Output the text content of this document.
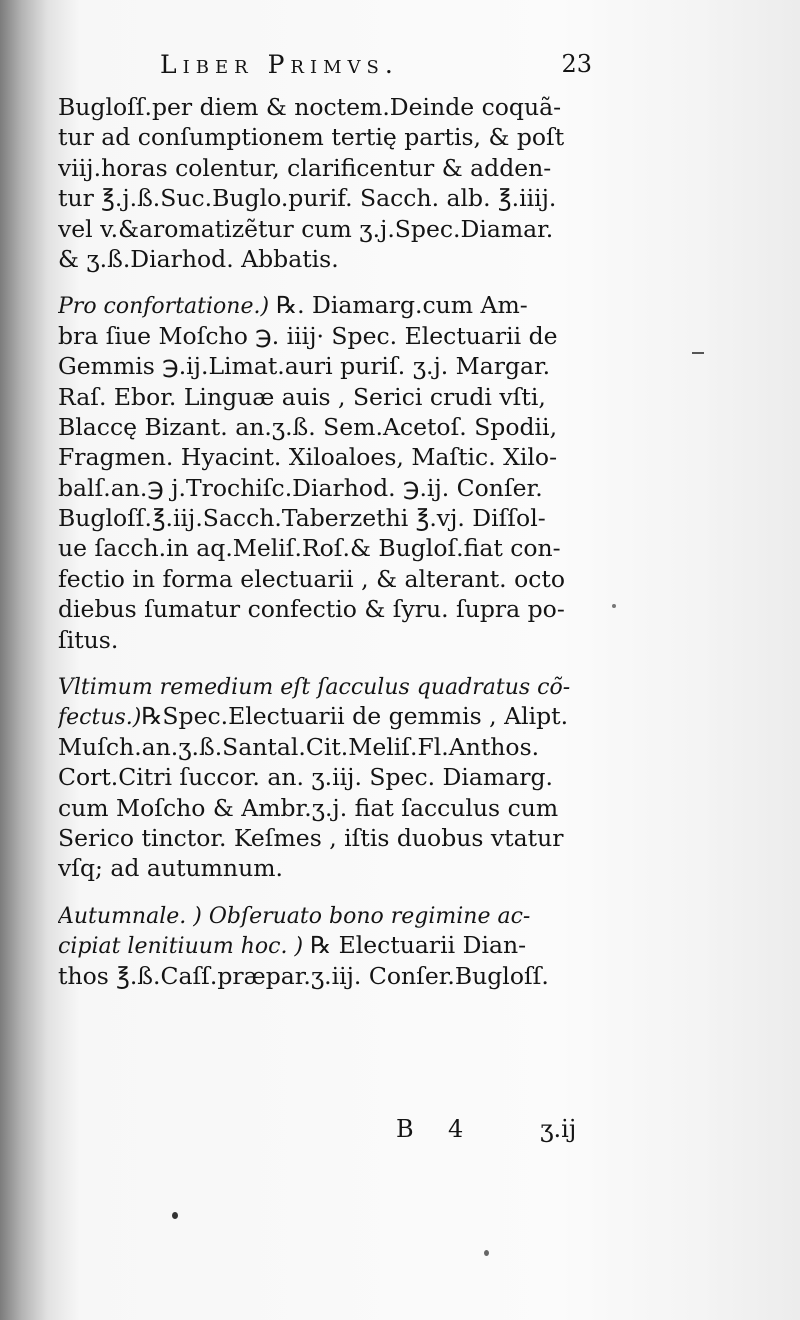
Liber Primvs.	23
Bugloſſ.per diem & noctem.Deinde coquã-
tur ad conſumptionem tertię partis, & poſt
viij.horas colentur, clarificentur & adden-
tur ℥.j.ß.Suc.Buglo.purif. Sacch. alb. ℥.iiij.
vel v.&aromatizẽtur cum ʒ.j.Spec.Diamar.
& ʒ.ß.Diarhod. Abbatis.
Pro confortatione.) ℞. Diamarg.cum Am-
bra ſiue Moſcho ℈. iiij· Spec. Electuarii de
Gemmis ℈.ij.Limat.auri puriſ. ʒ.j. Margar.
Raſ. Ebor. Linguæ auis , Serici crudi vſti,
Blaccę Bizant. an.ʒ.ß. Sem.Acetoſ. Spodii,
Fragmen. Hyacint. Xiloaloes, Maſtic. Xilo-
balſ.an.℈ j.Trochiſc.Diarhod. ℈.ij. Conſer.
Bugloſſ.℥.iij.Sacch.Taberzethi ℥.vj. Diſſol-
ue ſacch.in aq.Meliſ.Roſ.& Bugloſ.fiat con-
fectio in forma electuarii , & alterant. octo
diebus ſumatur confectio & ſyru. ſupra po-
ſitus.
Vltimum remedium eſt ſacculus quadratus cõ-
fectus.)℞Spec.Electuarii de gemmis , Alipt.
Muſch.an.ʒ.ß.Santal.Cit.Meliſ.Fl.Anthos.
Cort.Citri ſuccor. an. ʒ.iij. Spec. Diamarg.
cum Moſcho & Ambr.ʒ.j. fiat ſacculus cum
Serico tinctor. Keſmes , iſtis duobus vtatur
vſq; ad autumnum.
Autumnale. ) Obſeruato bono regimine ac-
cipiat lenitiuum hoc. ) ℞ Electuarii Dian-
thos ℥.ß.Caſſ.præpar.ʒ.iij. Conſer.Bugloſſ.
B 4	ʒ.ij
